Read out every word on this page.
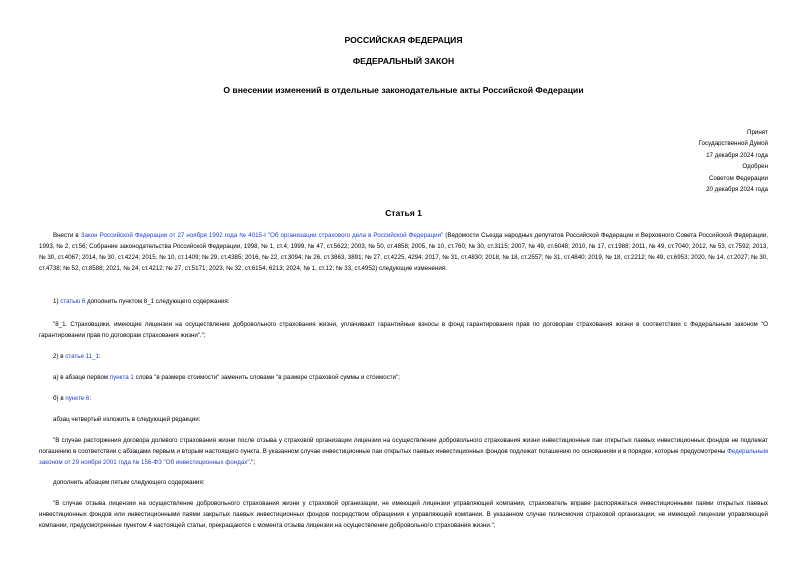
РОССИЙСКАЯ ФЕДЕРАЦИЯ
ФЕДЕРАЛЬНЫЙ ЗАКОН
О внесении изменений в отдельные законодательные акты Российской Федерации
Принят
Государственной Думой
17 декабря 2024 года
Одобрен
Советом Федерации
20 декабря 2024 года
Статья 1

Внести в Закон Российской Федерации от 27 ноября 1992 года № 4015-I "Об организации страхового дела в Российской Федерации" (Ведомости Съезда народных депутатов Российской Федерации и Верховного Совета Российской Федерации, 1993, № 2, ст.56; Собрание законодательства Российской Федерации, 1998, № 1, ст.4; 1999, № 47, ст.5622; 2003, № 50, ст.4858; 2005, № 10, ст.760; № 30, ст.3115; 2007, № 49, ст.6048; 2010, № 17, ст.1988; 2011, № 49, ст.7040; 2012, № 53, ст.7592; 2013, № 30, ст.4067; 2014, № 30, ст.4224; 2015, № 10, ст.1409; № 29, ст.4385; 2016, № 22, ст.3094; № 26, ст.3863, 3891; № 27, ст.4225, 4294; 2017, № 31, ст.4830; 2018, № 18, ст.2557; № 31, ст.4840; 2019, № 18, ст.2212; № 49, ст.6953; 2020, № 14, ст.2027; № 30, ст.4738; № 52, ст.8588; 2021, № 24, ст.4212; № 27, ст.5171; 2023, № 32, ст.6154, 6213; 2024, № 1, ст.12; № 33, ст.4952) следующие изменения:

1) статью 6 дополнить пунктом 8_1 следующего содержания:

"8_1. Страховщики, имеющие лицензии на осуществление добровольного страхования жизни, уплачивают гарантийные взносы в фонд гарантирования прав по договорам страхования жизни в соответствии с Федеральным законом "О гарантировании прав по договорам страхования жизни".";

2) в статье 11_1:

а) в абзаце первом пункта 1 слова "в размере стоимости" заменить словами "в размере страховой суммы и стоимости";

б) в пункте 6:

абзац четвертый изложить в следующей редакции:

"В случае расторжения договора долевого страхования жизни после отзыва у страховой организации лицензии на осуществление добровольного страхования жизни инвестиционные паи открытых паевых инвестиционных фондов не подлежат погашению в соответствии с абзацами первым и вторым настоящего пункта. В указанном случае инвестиционные паи открытых паевых инвестиционных фондов подлежат погашению по основаниям и в порядке, которые предусмотрены Федеральным законом от 29 ноября 2001 года № 156-ФЗ "Об инвестиционных фондах".";

дополнить абзацем пятым следующего содержания:

"В случае отзыва лицензии на осуществление добровольного страхования жизни у страховой организации, не имеющей лицензии управляющей компании, страхователь вправе распоряжаться инвестиционными паями открытых паевых инвестиционных фондов или инвестиционными паями закрытых паевых инвестиционных фондов посредством обращения к управляющей компании. В указанном случае полномочия страховой организации, не имеющей лицензии управляющей компании, предусмотренные пунктом 4 настоящей статьи, прекращаются с момента отзыва лицензии на осуществление добровольного страхования жизни.";
